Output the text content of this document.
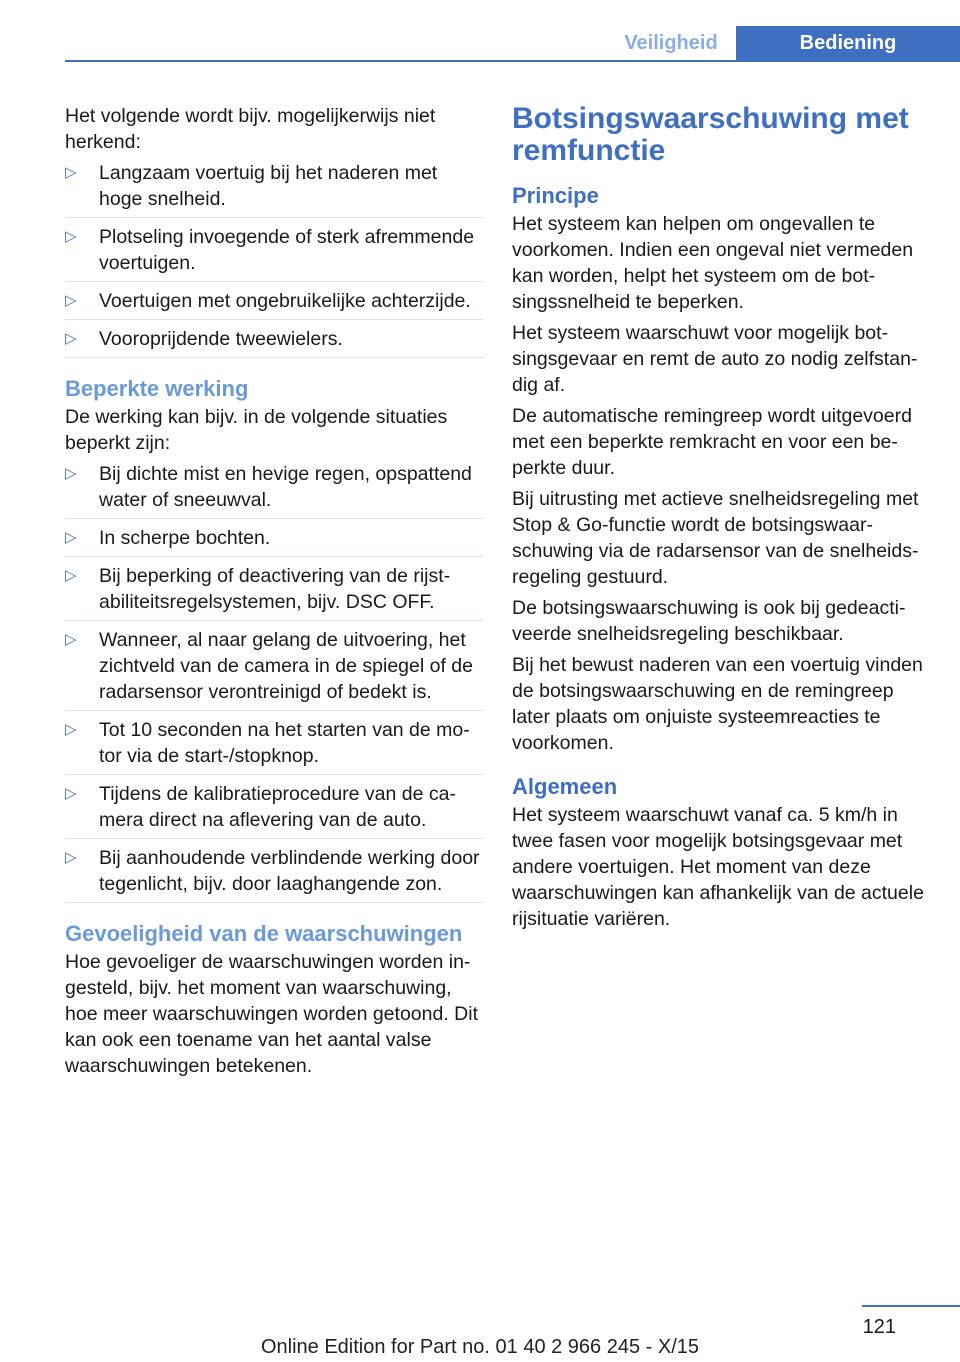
Veiligheid	Bediening

Het volgende wordt bijv. mogelijkerwijs niet herkend:

▷ Langzaam voertuig bij het naderen met hoge snelheid.
▷ Plotseling invoegende of sterk afremmende voertuigen.
▷ Voertuigen met ongebruikelijke achterzijde.
▷ Vooroprijdende tweewielers.
Beperkte werking

De werking kan bijv. in de volgende situaties beperkt zijn:

▷ Bij dichte mist en hevige regen, opspattend water of sneeuwval.
▷ In scherpe bochten.
▷ Bij beperking of deactivering van de rijstabiliteitsregelsystemen, bijv. DSC OFF.
▷ Wanneer, al naar gelang de uitvoering, het zichtveld van de camera in de spiegel of de radarsensor verontreinigd of bedekt is.
▷ Tot 10 seconden na het starten van de motor via de start-/stopknop.
▷ Tijdens de kalibratieprocedure van de camera direct na aflevering van de auto.
▷ Bij aanhoudende verblindende werking door tegenlicht, bijv. door laaghangende zon.
Gevoeligheid van de waarschuwingen

Hoe gevoeliger de waarschuwingen worden ingesteld, bijv. het moment van waarschuwing, hoe meer waarschuwingen worden getoond. Dit kan ook een toename van het aantal valse waarschuwingen betekenen.

Botsingswaarschuwing met remfunctie
Principe

Het systeem kan helpen om ongevallen te voorkomen. Indien een ongeval niet vermeden kan worden, helpt het systeem om de botsingssnelheid te beperken.

Het systeem waarschuwt voor mogelijk botsingsgevaar en remt de auto zo nodig zelfstandig af.

De automatische remingreep wordt uitgevoerd met een beperkte remkracht en voor een beperkte duur.

Bij uitrusting met actieve snelheidsregeling met Stop & Go-functie wordt de botsingswaarschuwing via de radarsensor van de snelheidsregeling gestuurd.

De botsingswaarschuwing is ook bij gedeactiveerde snelheidsregeling beschikbaar.

Bij het bewust naderen van een voertuig vinden de botsingswaarschuwing en de remingreep later plaats om onjuiste systeemreacties te voorkomen.

Algemeen

Het systeem waarschuwt vanaf ca. 5 km/h in twee fasen voor mogelijk botsingsgevaar met andere voertuigen. Het moment van deze waarschuwingen kan afhankelijk van de actuele rijsituatie variëren.

121
Online Edition for Part no. 01 40 2 966 245 - X/15
